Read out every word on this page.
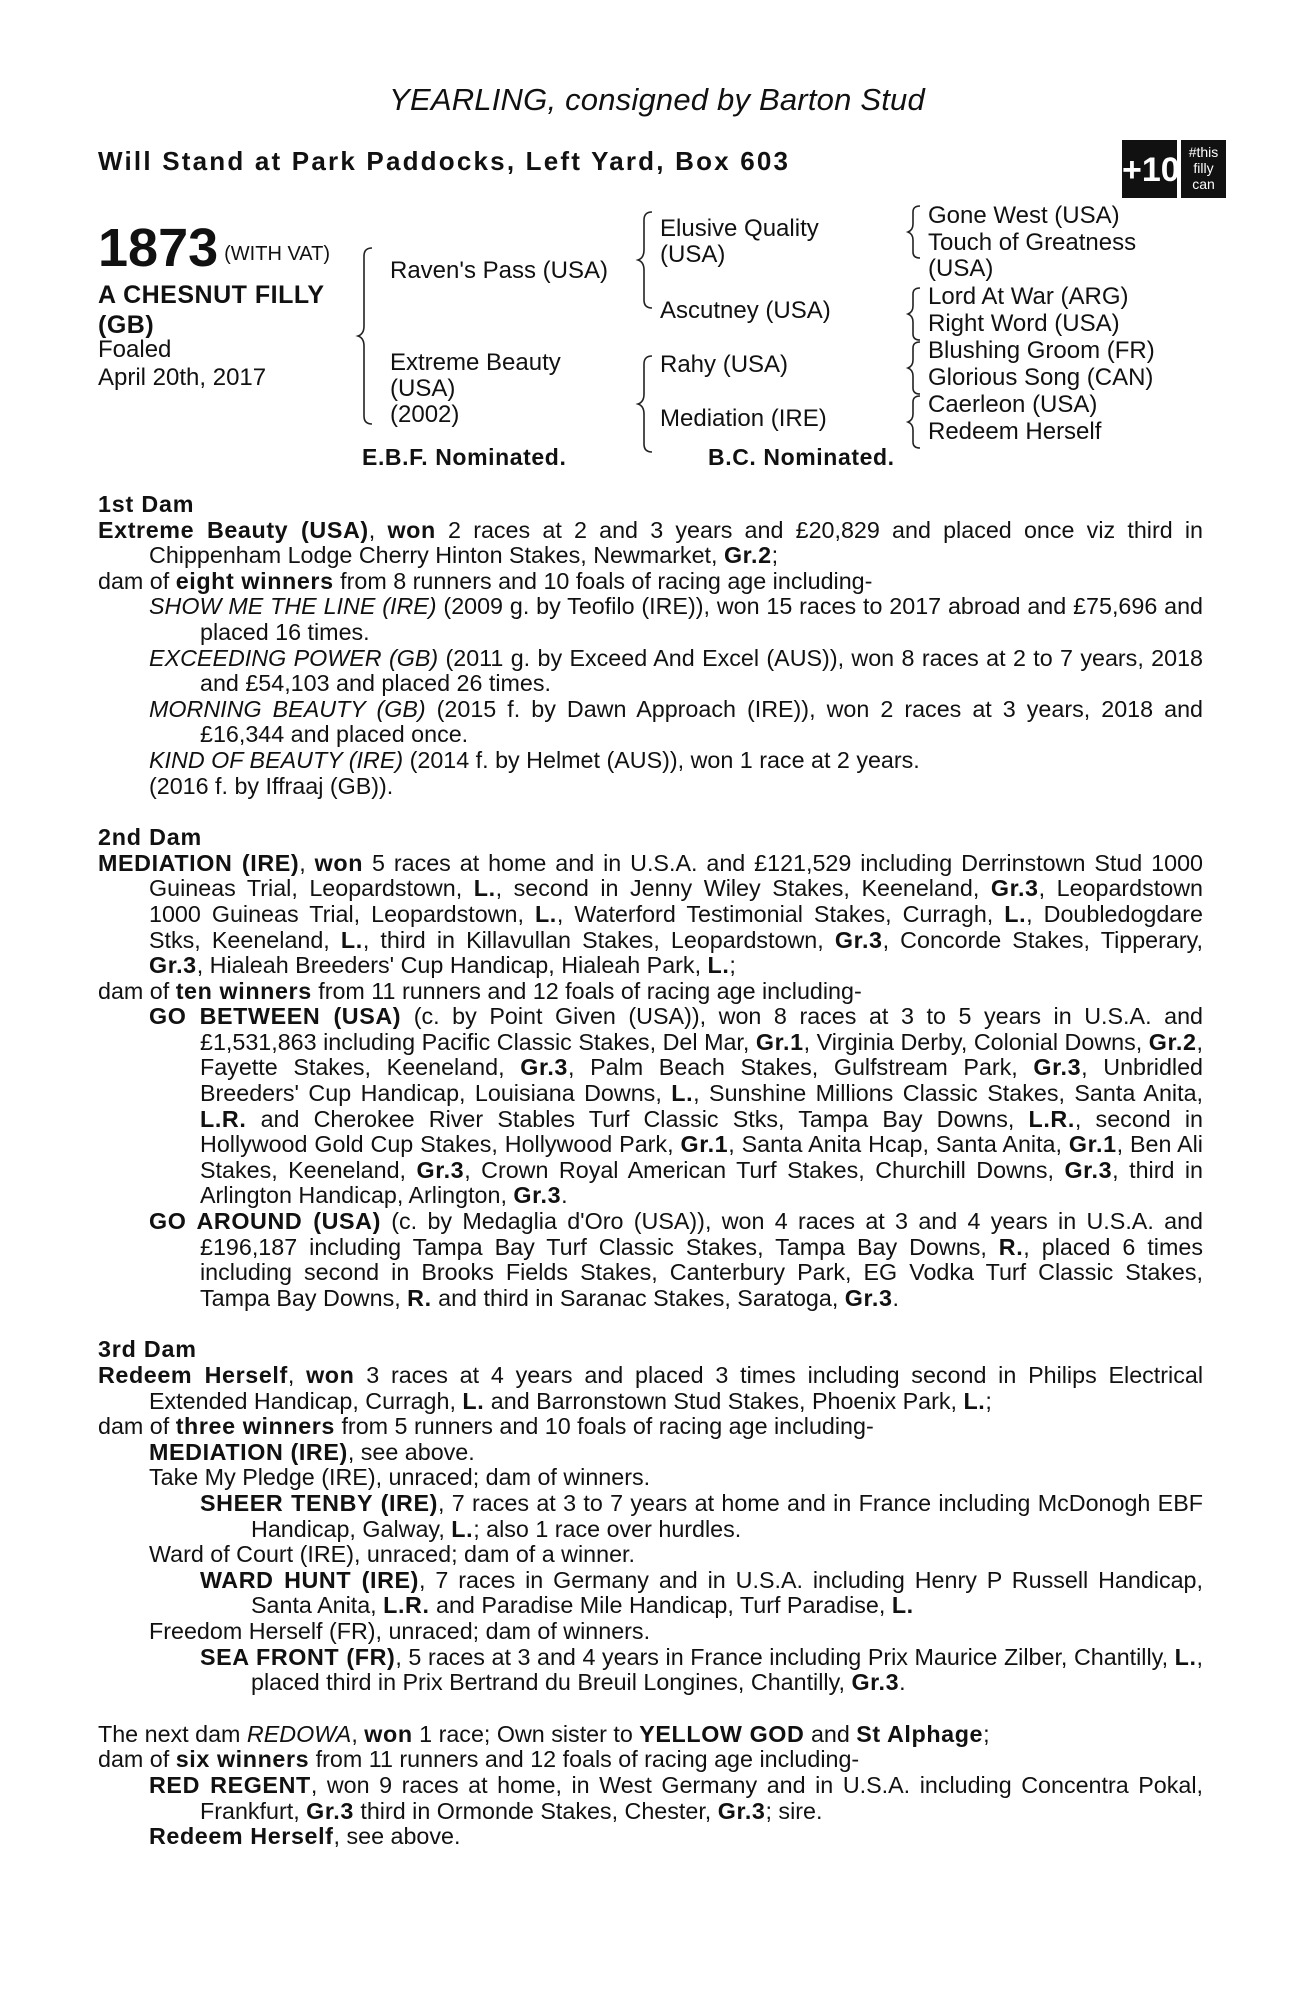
YEARLING, consigned by Barton Stud
Will Stand at Park Paddocks, Left Yard, Box 603	+10 #this
filly
can
1873 (WITH VAT)
A CHESNUT FILLY
(GB)
Foaled
April 20th, 2017
Raven's Pass (USA)
Extreme Beauty
(USA)
(2002)
Elusive Quality
(USA)
Ascutney (USA)
Rahy (USA)
Mediation (IRE)
Gone West (USA)
Touch of Greatness
(USA)
Lord At War (ARG)
Right Word (USA)
Blushing Groom (FR)
Glorious Song (CAN)
Caerleon (USA)
Redeem Herself
E.B.F. Nominated.	B.C. Nominated.

1st Dam

Extreme Beauty (USA), won 2 races at 2 and 3 years and £20,829 and placed once viz third in Chippenham Lodge Cherry Hinton Stakes, Newmarket, Gr.2;

dam of eight winners from 8 runners and 10 foals of racing age including-

SHOW ME THE LINE (IRE) (2009 g. by Teofilo (IRE)), won 15 races to 2017 abroad and £75,696 and placed 16 times.

EXCEEDING POWER (GB) (2011 g. by Exceed And Excel (AUS)), won 8 races at 2 to 7 years, 2018 and £54,103 and placed 26 times.

MORNING BEAUTY (GB) (2015 f. by Dawn Approach (IRE)), won 2 races at 3 years, 2018 and £16,344 and placed once.

KIND OF BEAUTY (IRE) (2014 f. by Helmet (AUS)), won 1 race at 2 years.

(2016 f. by Iffraaj (GB)).

2nd Dam

MEDIATION (IRE), won 5 races at home and in U.S.A. and £121,529 including Derrinstown Stud 1000 Guineas Trial, Leopardstown, L., second in Jenny Wiley Stakes, Keeneland, Gr.3, Leopardstown 1000 Guineas Trial, Leopardstown, L., Waterford Testimonial Stakes, Curragh, L., Doubledogdare Stks, Keeneland, L., third in Killavullan Stakes, Leopardstown, Gr.3, Concorde Stakes, Tipperary, Gr.3, Hialeah Breeders' Cup Handicap, Hialeah Park, L.;

dam of ten winners from 11 runners and 12 foals of racing age including-

GO BETWEEN (USA) (c. by Point Given (USA)), won 8 races at 3 to 5 years in U.S.A. and £1,531,863 including Pacific Classic Stakes, Del Mar, Gr.1, Virginia Derby, Colonial Downs, Gr.2, Fayette Stakes, Keeneland, Gr.3, Palm Beach Stakes, Gulfstream Park, Gr.3, Unbridled Breeders' Cup Handicap, Louisiana Downs, L., Sunshine Millions Classic Stakes, Santa Anita, L.R. and Cherokee River Stables Turf Classic Stks, Tampa Bay Downs, L.R., second in Hollywood Gold Cup Stakes, Hollywood Park, Gr.1, Santa Anita Hcap, Santa Anita, Gr.1, Ben Ali Stakes, Keeneland, Gr.3, Crown Royal American Turf Stakes, Churchill Downs, Gr.3, third in Arlington Handicap, Arlington, Gr.3.

GO AROUND (USA) (c. by Medaglia d'Oro (USA)), won 4 races at 3 and 4 years in U.S.A. and £196,187 including Tampa Bay Turf Classic Stakes, Tampa Bay Downs, R., placed 6 times including second in Brooks Fields Stakes, Canterbury Park, EG Vodka Turf Classic Stakes, Tampa Bay Downs, R. and third in Saranac Stakes, Saratoga, Gr.3.

3rd Dam

Redeem Herself, won 3 races at 4 years and placed 3 times including second in Philips Electrical Extended Handicap, Curragh, L. and Barronstown Stud Stakes, Phoenix Park, L.;

dam of three winners from 5 runners and 10 foals of racing age including-

MEDIATION (IRE), see above.

Take My Pledge (IRE), unraced; dam of winners.

SHEER TENBY (IRE), 7 races at 3 to 7 years at home and in France including McDonogh EBF Handicap, Galway, L.; also 1 race over hurdles.

Ward of Court (IRE), unraced; dam of a winner.

WARD HUNT (IRE), 7 races in Germany and in U.S.A. including Henry P Russell Handicap, Santa Anita, L.R. and Paradise Mile Handicap, Turf Paradise, L.

Freedom Herself (FR), unraced; dam of winners.

SEA FRONT (FR), 5 races at 3 and 4 years in France including Prix Maurice Zilber, Chantilly, L., placed third in Prix Bertrand du Breuil Longines, Chantilly, Gr.3.

The next dam REDOWA, won 1 race; Own sister to YELLOW GOD and St Alphage;

dam of six winners from 11 runners and 12 foals of racing age including-

RED REGENT, won 9 races at home, in West Germany and in U.S.A. including Concentra Pokal, Frankfurt, Gr.3 third in Ormonde Stakes, Chester, Gr.3; sire.

Redeem Herself, see above.
